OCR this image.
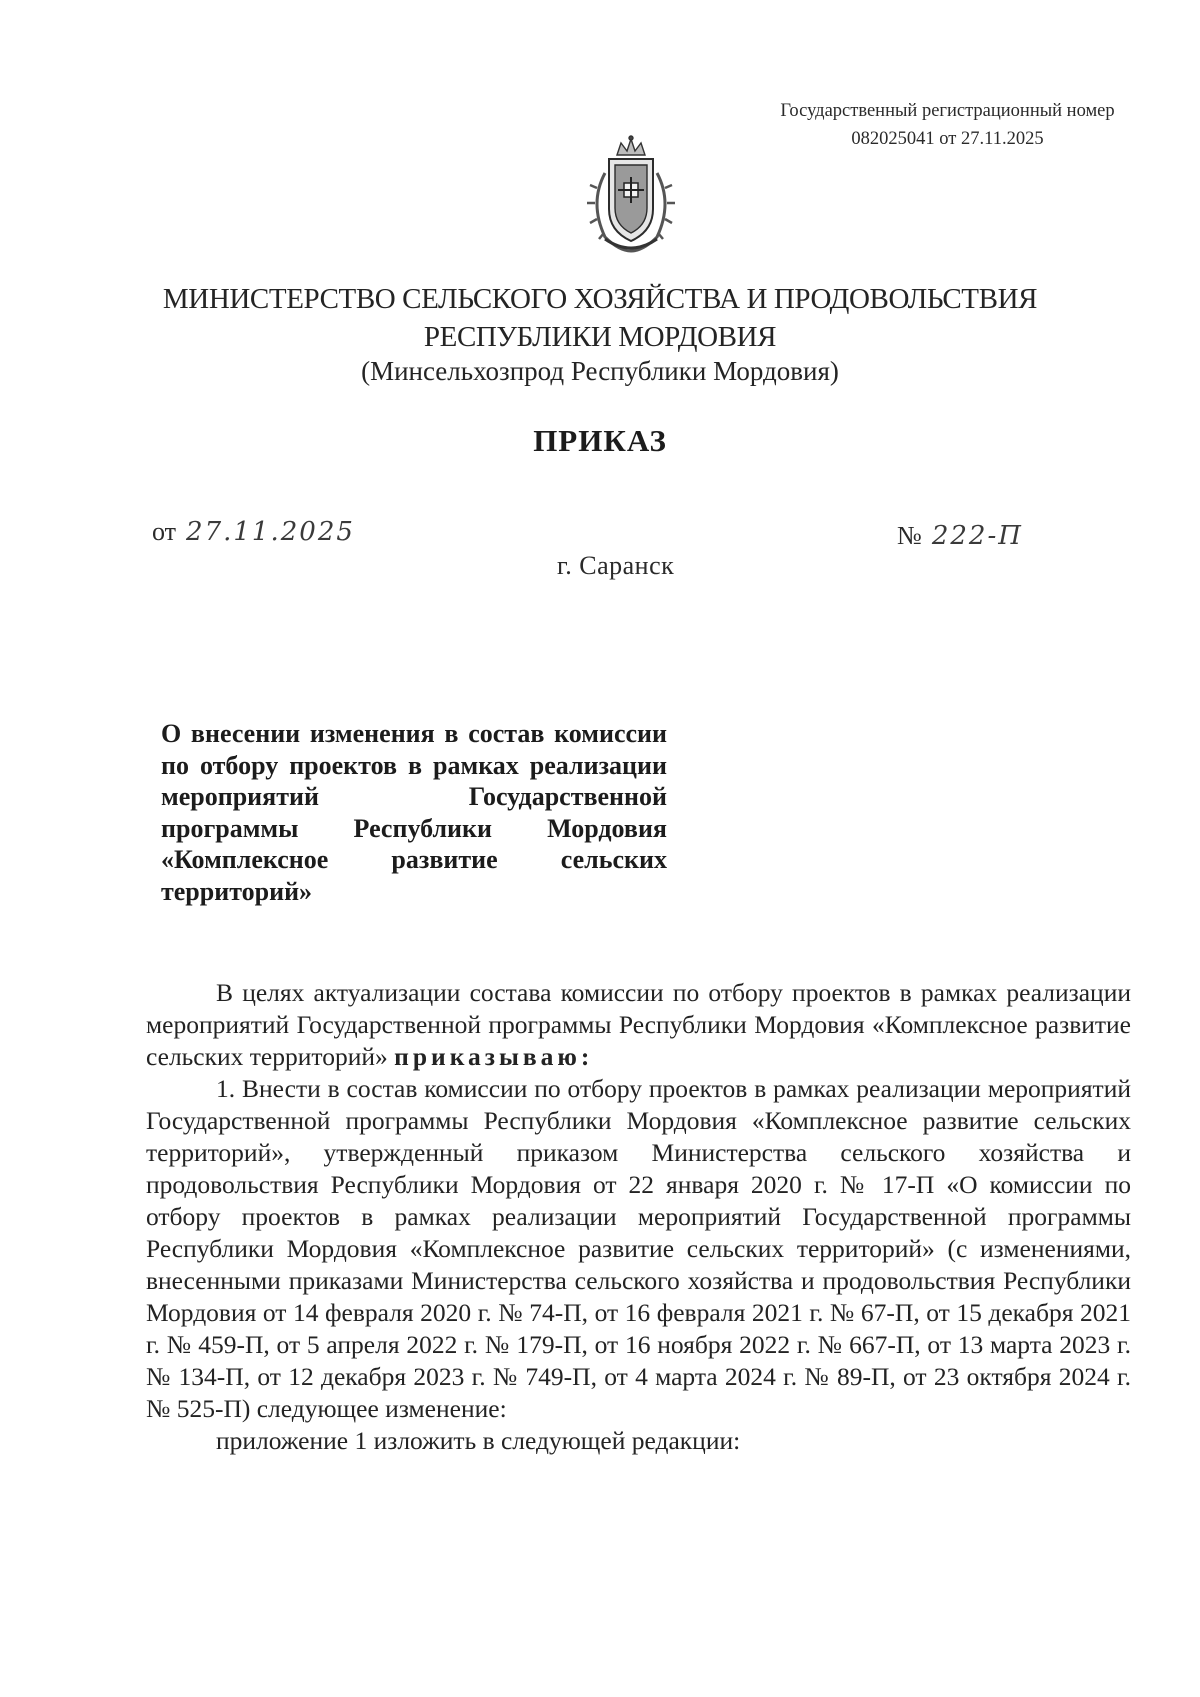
Государственный регистрационный номер
082025041 от 27.11.2025
МИНИСТЕРСТВО СЕЛЬСКОГО ХОЗЯЙСТВА И ПРОДОВОЛЬСТВИЯ
РЕСПУБЛИКИ МОРДОВИЯ
(Минсельхозпрод Республики Мордовия)
ПРИКАЗ
от 27.11.2025	№ 222-П
г. Саранск
О внесении изменения в состав комиссии по отбору проектов в рамках реализации мероприятий Государственной программы Республики Мордовия «Комплексное развитие сельских территорий»

В целях актуализации состава комиссии по отбору проектов в рамках реализации мероприятий Государственной программы Республики Мордовия «Комплексное развитие сельских территорий» приказываю:

1. Внести в состав комиссии по отбору проектов в рамках реализации мероприятий Государственной программы Республики Мордовия «Комплексное развитие сельских территорий», утвержденный приказом Министерства сельского хозяйства и продовольствия Республики Мордовия от 22 января 2020 г. № 17-П «О комиссии по отбору проектов в рамках реализации мероприятий Государственной программы Республики Мордовия «Комплексное развитие сельских территорий» (с изменениями, внесенными приказами Министерства сельского хозяйства и продовольствия Республики Мордовия от 14 февраля 2020 г. № 74-П, от 16 февраля 2021 г. № 67-П, от 15 декабря 2021 г. № 459-П, от 5 апреля 2022 г. № 179-П, от 16 ноября 2022 г. № 667-П, от 13 марта 2023 г. № 134-П, от 12 декабря 2023 г. № 749-П, от 4 марта 2024 г. № 89-П, от 23 октября 2024 г. № 525-П) следующее изменение:

приложение 1 изложить в следующей редакции:
